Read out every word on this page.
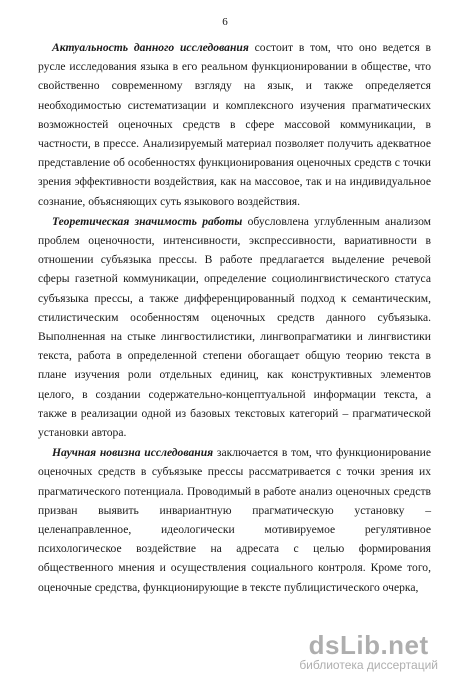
6

Актуальность данного исследования состоит в том, что оно ведется в русле исследования языка в его реальном функционировании в обществе, что свойственно современному взгляду на язык, и также определяется необходимостью систематизации и комплексного изучения прагматических возможностей оценочных средств в сфере массовой коммуникации, в частности, в прессе. Анализируемый материал позволяет получить адекватное представление об особенностях функционирования оценочных средств с точки зрения эффективности воздействия, как на массовое, так и на индивидуальное сознание, объясняющих суть языкового воздействия.

Теоретическая значимость работы обусловлена углубленным анализом проблем оценочности, интенсивности, экспрессивности, вариативности в отношении субъязыка прессы. В работе предлагается выделение речевой сферы газетной коммуникации, определение социолингвистического статуса субъязыка прессы, а также дифференцированный подход к семантическим, стилистическим особенностям оценочных средств данного субъязыка. Выполненная на стыке лингвостилистики, лингвопрагматики и лингвистики текста, работа в определенной степени обогащает общую теорию текста в плане изучения роли отдельных единиц, как конструктивных элементов целого, в создании содержательно-концептуальной информации текста, а также в реализации одной из базовых текстовых категорий – прагматической установки автора.

Научная новизна исследования заключается в том, что функционирование оценочных средств в субъязыке прессы рассматривается с точки зрения их прагматического потенциала. Проводимый в работе анализ оценочных средств призван выявить инвариантную прагматическую установку – целенаправленное, идеологически мотивируемое регулятивное психологическое воздействие на адресата с целью формирования общественного мнения и осуществления социального контроля. Кроме того, оценочные средства, функционирующие в тексте публицистического очерка,

dsLib.net
библиотека диссертаций
